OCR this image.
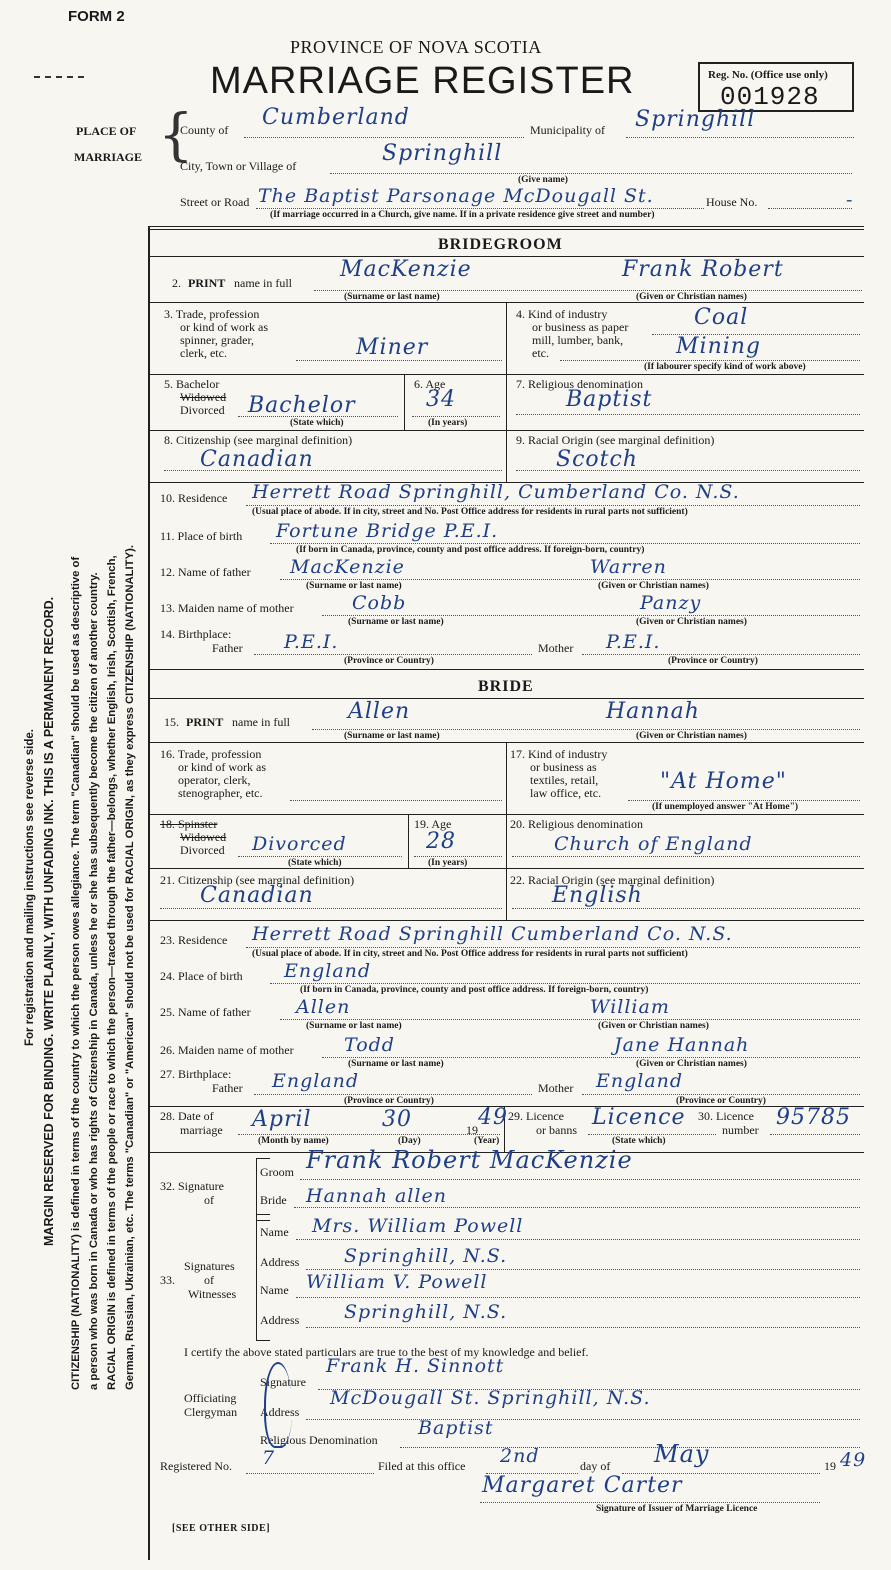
FORM 2
PROVINCE OF NOVA SCOTIA
MARRIAGE REGISTER	Reg. No. (Office use only)
001928
PLACE OF
MARRIAGE {
County of Cumberland	Municipality of Springhill
City, Town or Village of	Springhill
(Give name)
Street or Road The Baptist Parsonage McDougall St.	House No.	-
(If marriage occurred in a Church, give name. If in a private residence give street and number)
For registration and mailing instructions see reverse side. MARGIN RESERVED FOR BINDING. WRITE PLAINLY, WITH UNFADING INK. THIS IS A PERMANENT RECORD. CITIZENSHIP (NATIONALITY) is defined in terms of the country to which the person owes allegiance. The term "Canadian" should be used as descriptive of a person who was born in Canada or who has rights of Citizenship in Canada, unless he or she has subsequently become the citizen of another country. RACIAL ORIGIN is defined in terms of the people or race to which the person—traced through the father—belongs, whether English, Irish, Scottish, French, German, Russian, Ukrainian, etc. The terms "Canadian" or "American" should not be used for RACIAL ORIGIN, as they express CITIZENSHIP (NATIONALITY).
BRIDEGROOM
2. PRINT name in full
MacKenzie	Frank Robert
(Surname or last name)	(Given or Christian names)
3. Trade, profession
or kind of work as
spinner, grader,
clerk, etc.	Miner
4. Kind of industry
or business as paper
mill, lumber, bank,
etc.
Coal
Mining
(If labourer specify kind of work above)
5. Bachelor
Widowed
Divorced Bachelor
(State which)
6. Age
34
(In years)
7. Religious denomination
Baptist
8. Citizenship (see marginal definition)
Canadian
9. Racial Origin (see marginal definition)
Scotch
10. Residence Herrett Road Springhill, Cumberland Co. N.S.
(Usual place of abode. If in city, street and No. Post Office address for residents in rural parts not sufficient)
11. Place of birth Fortune Bridge P.E.I.
(If born in Canada, province, county and post office address. If foreign-born, country)
12. Name of father MacKenzie	Warren
(Surname or last name)	(Given or Christian names)
13. Maiden name of mother	Cobb	Panzy
(Surname or last name)	(Given or Christian names)
14. Birthplace:
Father P.E.I.	Mother P.E.I.
(Province or Country)	(Province or Country)
BRIDE
15. PRINT name in full	Allen	Hannah
(Surname or last name)	(Given or Christian names)
16. Trade, profession
or kind of work as
operator, clerk,
stenographer, etc.
17. Kind of industry
or business as
textiles, retail,
law office, etc.	"At Home"
(If unemployed answer "At Home")
18. Spinster
Widowed
Divorced Divorced
(State which)
19. Age
28
(In years)
20. Religious denomination
Church of England
21. Citizenship (see marginal definition)
Canadian
22. Racial Origin (see marginal definition)
English
23. Residence Herrett Road Springhill Cumberland Co. N.S.
(Usual place of abode. If in city, street and No. Post Office address for residents in rural parts not sufficient)
24. Place of birth England
(If born in Canada, province, county and post office address. If foreign-born, country)
25. Name of father Allen	William
(Surname or last name)	(Given or Christian names)
26. Maiden name of mother	Todd	Jane Hannah
(Surname or last name)	(Given or Christian names)
27. Birthplace:
Father England	Mother England
(Province or Country)	(Province or Country)
28. Date of
marriage April	30	19 49
(Month by name)	(Day)	(Year)
29. Licence
or banns Licence
(State which)
30. Licence
number 95785
32. Signature
of
Groom Frank Robert MacKenzie
Bride Hannah allen
Signatures
of
Witnesses
33.
Name Mrs. William Powell
Address Springhill, N.S.
Name William V. Powell
Address Springhill, N.S.
I certify the above stated particulars are true to the best of my knowledge and belief.
Officiating
Clergyman
Signature
Frank H. Sinnott
Address
McDougall St. Springhill, N.S.
Religious Denomination
Baptist
Registered No. 7	Filed at this office 2nd	day of May	19 49
Margaret Carter
Signature of Issuer of Marriage Licence
[SEE OTHER SIDE]
